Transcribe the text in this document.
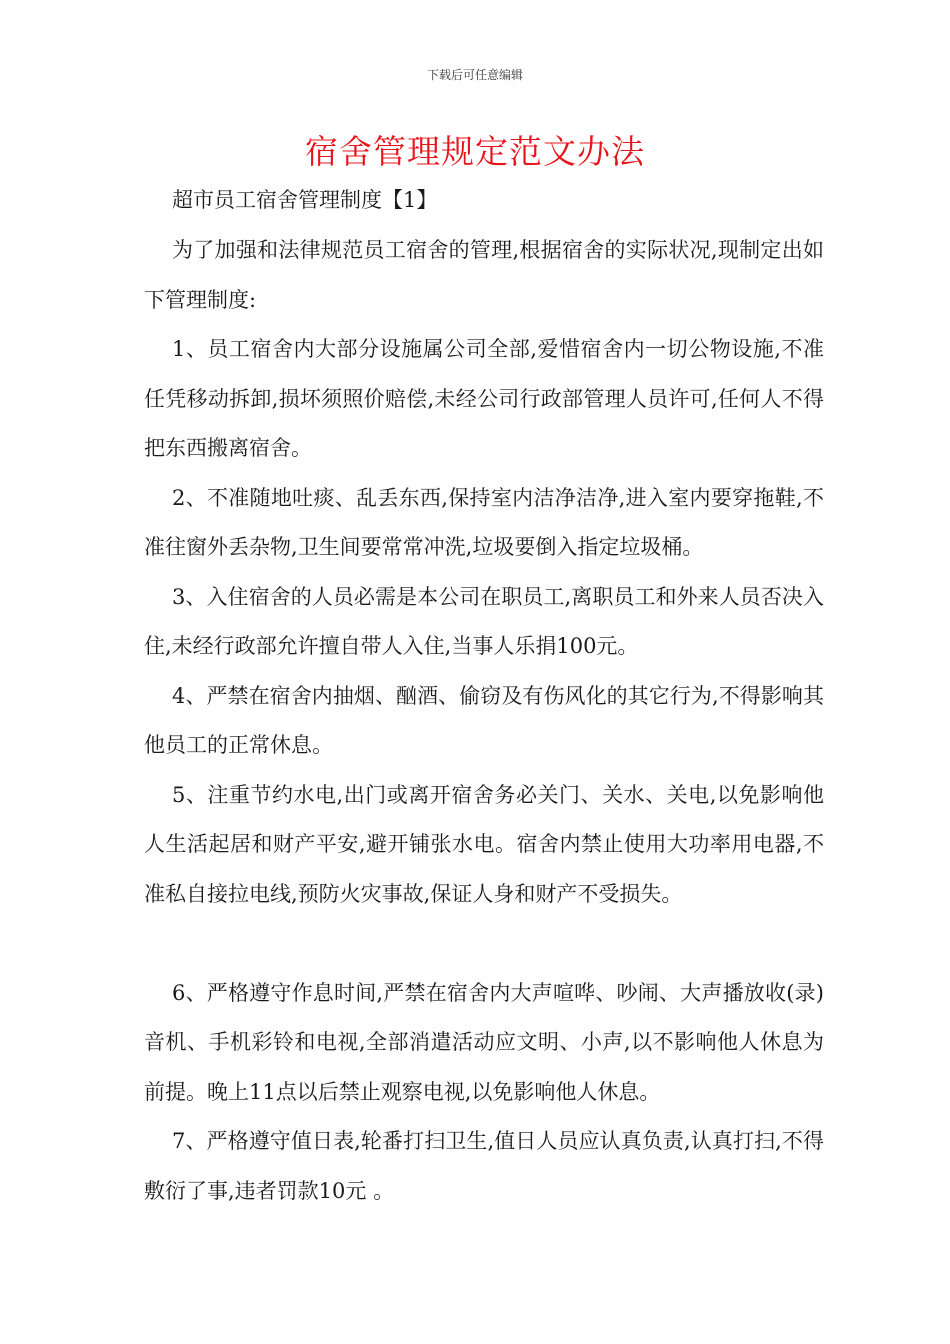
下载后可任意编辑
宿舍管理规定范文办法
超市员工宿舍管理制度【1】

为了加强和法律规范员工宿舍的管理,根据宿舍的实际状况,现制定出如下管理制度:

1、员工宿舍内大部分设施属公司全部,爱惜宿舍内一切公物设施,不准任凭移动拆卸,损坏须照价赔偿,未经公司行政部管理人员许可,任何人不得把东西搬离宿舍。

2、不准随地吐痰、乱丢东西,保持室内洁净洁净,进入室内要穿拖鞋,不准往窗外丢杂物,卫生间要常常冲洗,垃圾要倒入指定垃圾桶。

3、入住宿舍的人员必需是本公司在职员工,离职员工和外来人员否决入住,未经行政部允许擅自带人入住,当事人乐捐100元。

4、严禁在宿舍内抽烟、酗酒、偷窃及有伤风化的其它行为,不得影响其他员工的正常休息。

5、注重节约水电,出门或离开宿舍务必关门、关水、关电,以免影响他人生活起居和财产平安,避开铺张水电。宿舍内禁止使用大功率用电器,不准私自接拉电线,预防火灾事故,保证人身和财产不受损失。

6、严格遵守作息时间,严禁在宿舍内大声喧哗、吵闹、大声播放收(录)音机、手机彩铃和电视,全部消遣活动应文明、小声,以不影响他人休息为前提。晚上11点以后禁止观察电视,以免影响他人休息。

7、严格遵守值日表,轮番打扫卫生,值日人员应认真负责,认真打扫,不得敷衍了事,违者罚款10元 。
